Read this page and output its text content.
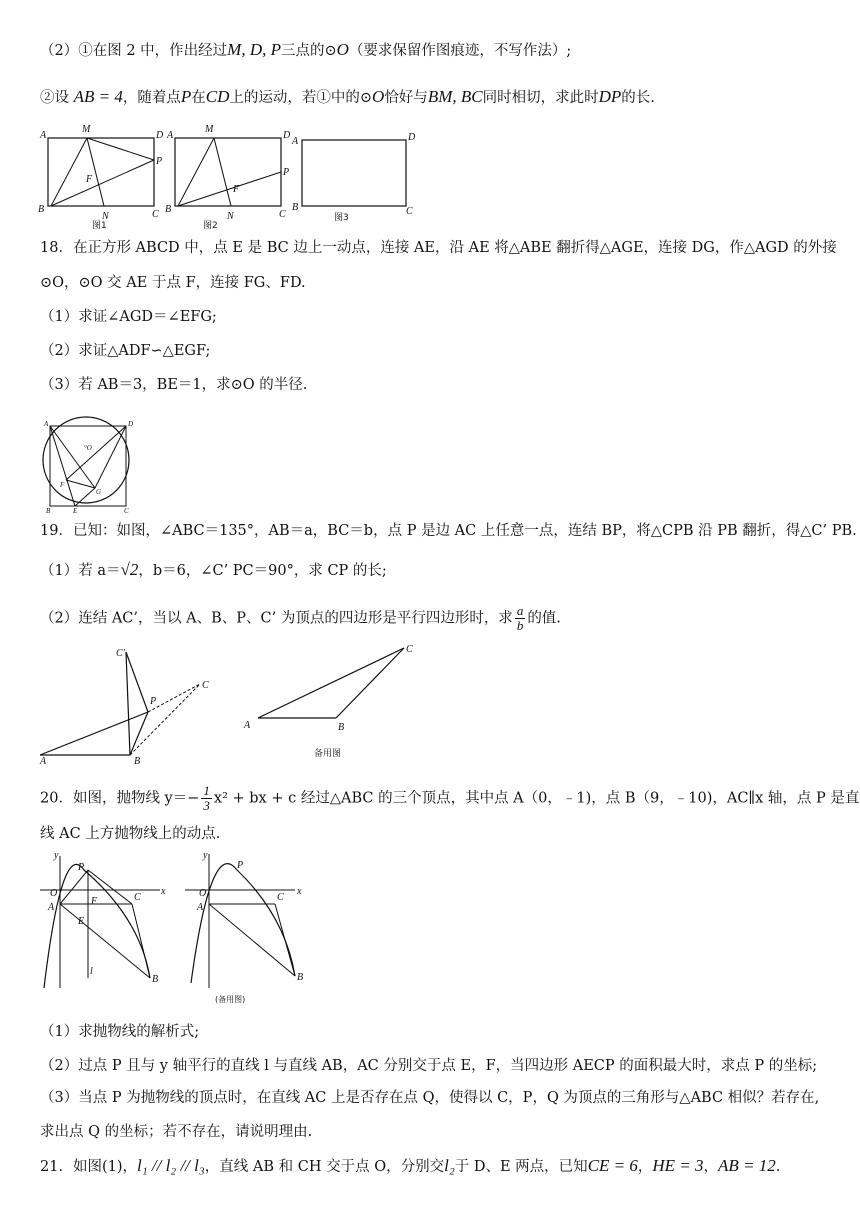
（2）①在图 2 中，作出经过M, D, P三点的⊙O（要求保留作图痕迹，不写作法）;
②设 AB = 4，随着点P在CD上的运动，若①中的⊙O恰好与BM, BC同时相切，求此时DP的长.
A
M
D
P
F
B
N	C
图1
A
M
D
P
F
B
N	C
图2
A	D
B	C
图3
18．在正方形 ABCD 中，点 E 是 BC 边上一动点，连接 AE，沿 AE 将△ABE 翻折得△AGE，连接 DG，作△AGD 的外接
⊙O，⊙O 交 AE 于点 F，连接 FG、FD.
（1）求证∠AGD＝∠EFG;
（2）求证△ADF∽△EGF;
（3）若 AB＝3，BE＝1，求⊙O 的半径.
A	D
°O
F
G
B	E	C
19．已知：如图，∠ABC＝135°，AB＝a，BC＝b，点 P 是边 AC 上任意一点，连结 BP，将△CPB 沿 PB 翻折，得△C’ PB.
（1）若 a＝√2，b＝6，∠C’ PC＝90°，求 CP 的长;
（2）连结 AC’，当以 A、B、P、C’ 为顶点的四边形是平行四边形时，求 $\frac{a}{b}$ 的值.
A	B
C'
P
C
A	B
C
备用图
20．如图，抛物线 $y=- \frac{1}{3} x^2$ + bx + c 经过△ABC 的三个顶点，其中点 A（0，﹣1)，点 B（9，﹣10)，AC∥x 轴，点 P 是直
线 AC 上方抛物线上的动点.
y
x
O
A
P
F	C
E
l
B
y
x
O
A
P
C
B
(备用图)
（1）求抛物线的解析式;
（2）过点 P 且与 y 轴平行的直线 l 与直线 AB，AC 分别交于点 E，F，当四边形 AECP 的面积最大时，求点 P 的坐标;
（3）当点 P 为抛物线的顶点时，在直线 AC 上是否存在点 Q，使得以 C，P，Q 为顶点的三角形与△ABC 相似？若存在,
求出点 Q 的坐标；若不存在，请说明理由.
21．如图(1)，l₁ // l₂ // l₃，直线 AB 和 CH 交于点 O，分别交l₂于 D、E 两点，已知CE = 6，HE = 3，AB = 12.
